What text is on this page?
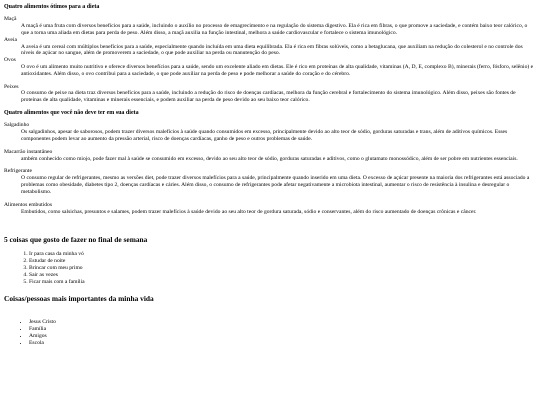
Quatro alimentos ótimos para a dieta
Maçã
A maçã é uma fruta com diversos benefícios para a saúde, incluindo o auxílio no processo de emagrecimento e na regulação do sistema digestivo. Ela é rica em fibras, o que promove a saciedade, e contém baixo teor calórico, o que a torna uma aliada em dietas para perda de peso. Além disso, a maçã auxilia na função intestinal, melhora a saúde cardiovascular e fortalece o sistema imunológico.
Aveia
A aveia é um cereal com múltiplos benefícios para a saúde, especialmente quando incluída em uma dieta equilibrada. Ela é rica em fibras solúveis, como a betaglucana, que auxiliam na redução do colesterol e no controle dos níveis de açúcar no sangue, além de promoverem a saciedade, o que pode auxiliar na perda ou manutenção do peso.
Ovos
O ovo é um alimento muito nutritivo e oferece diversos benefícios para a saúde, sendo um excelente aliado em dietas. Ele é rico em proteínas de alta qualidade, vitaminas (A, D, E, complexo B), minerais (ferro, fósforo, selênio) e antioxidantes. Além disso, o ovo contribui para a saciedade, o que pode auxiliar na perda de peso e pode melhorar a saúde do coração e do cérebro.
Peixes
O consumo de peixe na dieta traz diversos benefícios para a saúde, incluindo a redução do risco de doenças cardíacas, melhora da função cerebral e fortalecimento do sistema imunológico. Além disso, peixes são fontes de proteínas de alta qualidade, vitaminas e minerais essenciais, e podem auxiliar na perda de peso devido ao seu baixo teor calórico.
Quatro alimentos que você não deve ter em sua dieta
Salgadinho
Os salgadinhos, apesar de saborosos, podem trazer diversos malefícios à saúde quando consumidos em excesso, principalmente devido ao alto teor de sódio, gorduras saturadas e trans, além de aditivos químicos. Esses componentes podem levar ao aumento da pressão arterial, risco de doenças cardíacas, ganho de peso e outros problemas de saúde.
Macarrão instantâneo
ambém conhecido como miojo, pode fazer mal à saúde se consumido em excesso, devido ao seu alto teor de sódio, gorduras saturadas e aditivos, como o glutamato monossódico, além de ser pobre em nutrientes essenciais.
Refrigerante
O consumo regular de refrigerantes, mesmo as versões diet, pode trazer diversos malefícios para a saúde, principalmente quando inserido em uma dieta. O excesso de açúcar presente na maioria dos refrigerantes está associado a problemas como obesidade, diabetes tipo 2, doenças cardíacas e cáries. Além disso, o consumo de refrigerantes pode afetar negativamente a microbiota intestinal, aumentar o risco de resistência à insulina e desregular o metabolismo.
Alimentos embutidos
Embutidos, como salsichas, presuntos e salames, podem trazer malefícios à saúde devido ao seu alto teor de gordura saturada, sódio e conservantes, além do risco aumentado de doenças crônicas e câncer.
5 coisas que gosto de fazer no final de semana
1. Ir para casa da minha vó
2. Estudar de noite
3. Brincar com meu primo
4. Sair as vezes
5. Ficar mais com a família
Coisas/pessoas mais importantes da minha vida
• Jesus Cristo
• Família
• Amigos
• Escola
